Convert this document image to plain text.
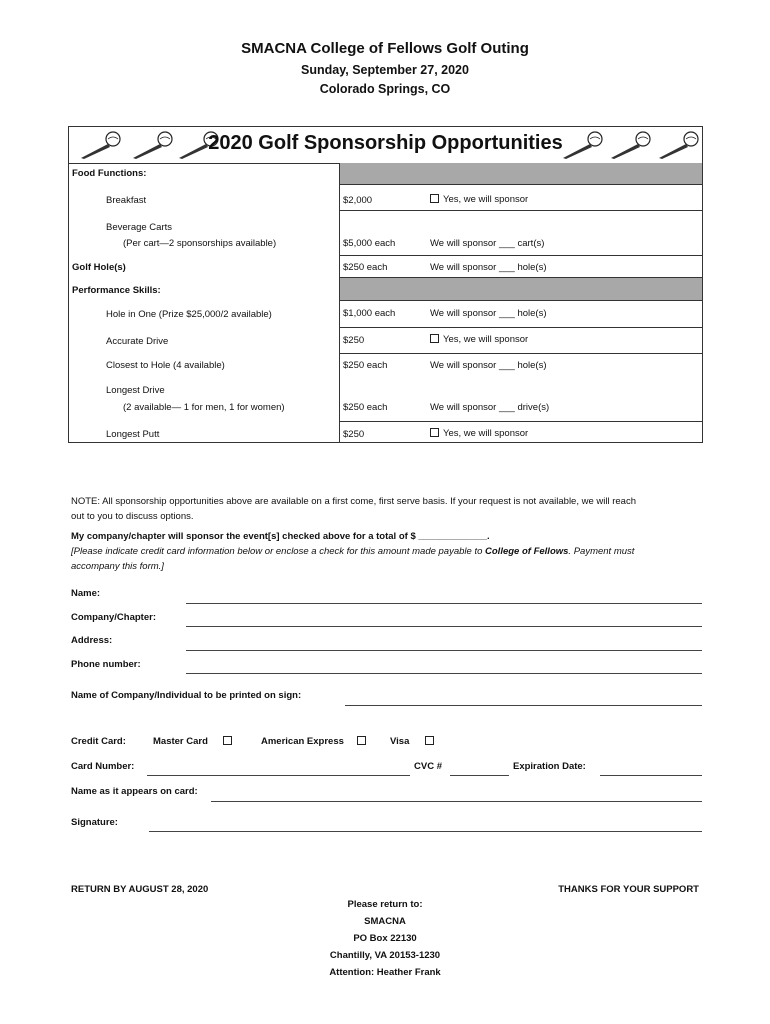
SMACNA College of Fellows Golf Outing
Sunday, September 27, 2020
Colorado Springs, CO
2020 Golf Sponsorship Opportunities
Food Functions:
Breakfast	$2,000	Yes, we will sponsor
Beverage Carts
(Per cart—2 sponsorships available)	$5,000 each	We will sponsor ___ cart(s)
Golf Hole(s)	$250 each	We will sponsor ___ hole(s)
Performance Skills:
Hole in One (Prize $25,000/2 available)	$1,000 each	We will sponsor ___ hole(s)
Accurate Drive	$250	Yes, we will sponsor
Closest to Hole (4 available)	$250 each	We will sponsor ___ hole(s)
Longest Drive
(2 available— 1 for men, 1 for women)	$250 each	We will sponsor ___ drive(s)
Longest Putt	$250	Yes, we will sponsor
NOTE: All sponsorship opportunities above are available on a first come, first serve basis. If your request is not available, we will reach
out to you to discuss options.
My company/chapter will sponsor the event[s] checked above for a total of $ _____________.
[Please indicate credit card information below or enclose a check for this amount made payable to College of Fellows. Payment must
accompany this form.]
Name:
Company/Chapter:
Address:
Phone number:
Name of Company/Individual to be printed on sign:
Credit Card:	Master Card	American Express	Visa
Card Number:	CVC #	Expiration Date:
Name as it appears on card:
Signature:
RETURN BY AUGUST 28, 2020	THANKS FOR YOUR SUPPORT
Please return to:
SMACNA
PO Box 22130
Chantilly, VA 20153-1230
Attention: Heather Frank
